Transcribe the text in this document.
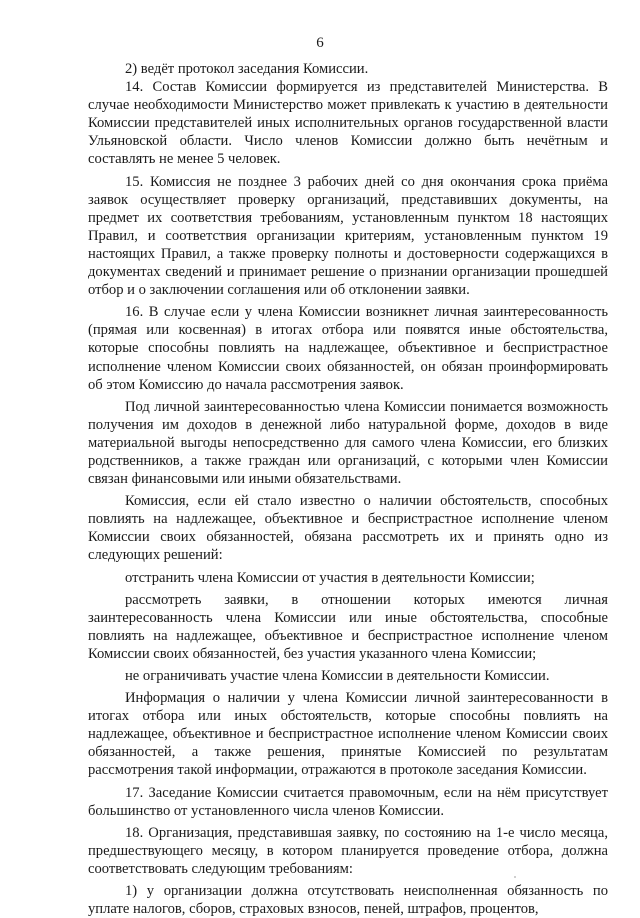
6

2) ведёт протокол заседания Комиссии.

14. Состав Комиссии формируется из представителей Министерства. В случае необходимости Министерство может привлекать к участию в деятельности Комиссии представителей иных исполнительных органов государственной власти Ульяновской области. Число членов Комиссии должно быть нечётным и составлять не менее 5 человек.

15. Комиссия не позднее 3 рабочих дней со дня окончания срока приёма заявок осуществляет проверку организаций, представивших документы, на предмет их соответствия требованиям, установленным пунктом 18 настоящих Правил, и соответствия организации критериям, установленным пунктом 19 настоящих Правил, а также проверку полноты и достоверности содержащихся в документах сведений и принимает решение о признании организации прошедшей отбор и о заключении соглашения или об отклонении заявки.

16. В случае если у члена Комиссии возникнет личная заинтересованность (прямая или косвенная) в итогах отбора или появятся иные обстоятельства, которые способны повлиять на надлежащее, объективное и беспристрастное исполнение членом Комиссии своих обязанностей, он обязан проинформировать об этом Комиссию до начала рассмотрения заявок.

Под личной заинтересованностью члена Комиссии понимается возможность получения им доходов в денежной либо натуральной форме, доходов в виде материальной выгоды непосредственно для самого члена Комиссии, его близких родственников, а также граждан или организаций, с которыми член Комиссии связан финансовыми или иными обязательствами.

Комиссия, если ей стало известно о наличии обстоятельств, способных повлиять на надлежащее, объективное и беспристрастное исполнение членом Комиссии своих обязанностей, обязана рассмотреть их и принять одно из следующих решений:

отстранить члена Комиссии от участия в деятельности Комиссии;

рассмотреть заявки, в отношении которых имеются личная заинтересованность члена Комиссии или иные обстоятельства, способные повлиять на надлежащее, объективное и беспристрастное исполнение членом Комиссии своих обязанностей, без участия указанного члена Комиссии;

не ограничивать участие члена Комиссии в деятельности Комиссии.

Информация о наличии у члена Комиссии личной заинтересованности в итогах отбора или иных обстоятельств, которые способны повлиять на надлежащее, объективное и беспристрастное исполнение членом Комиссии своих обязанностей, а также решения, принятые Комиссией по результатам рассмотрения такой информации, отражаются в протоколе заседания Комиссии.

17. Заседание Комиссии считается правомочным, если на нём присутствует большинство от установленного числа членов Комиссии.

18. Организация, представившая заявку, по состоянию на 1-е число месяца, предшествующего месяцу, в котором планируется проведение отбора, должна соответствовать следующим требованиям:

1) у организации должна отсутствовать неисполненная обязанность по уплате налогов, сборов, страховых взносов, пеней, штрафов, процентов,
